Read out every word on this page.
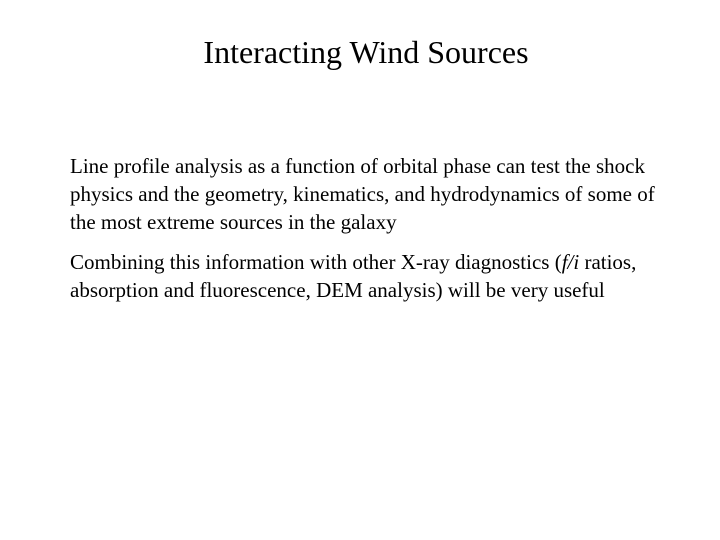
Interacting Wind Sources

Line profile analysis as a function of orbital phase can test the shock physics and the geometry, kinematics, and hydrodynamics of some of the most extreme sources in the galaxy

Combining this information with other X-ray diagnostics (f/i ratios, absorption and fluorescence, DEM analysis) will be very useful
